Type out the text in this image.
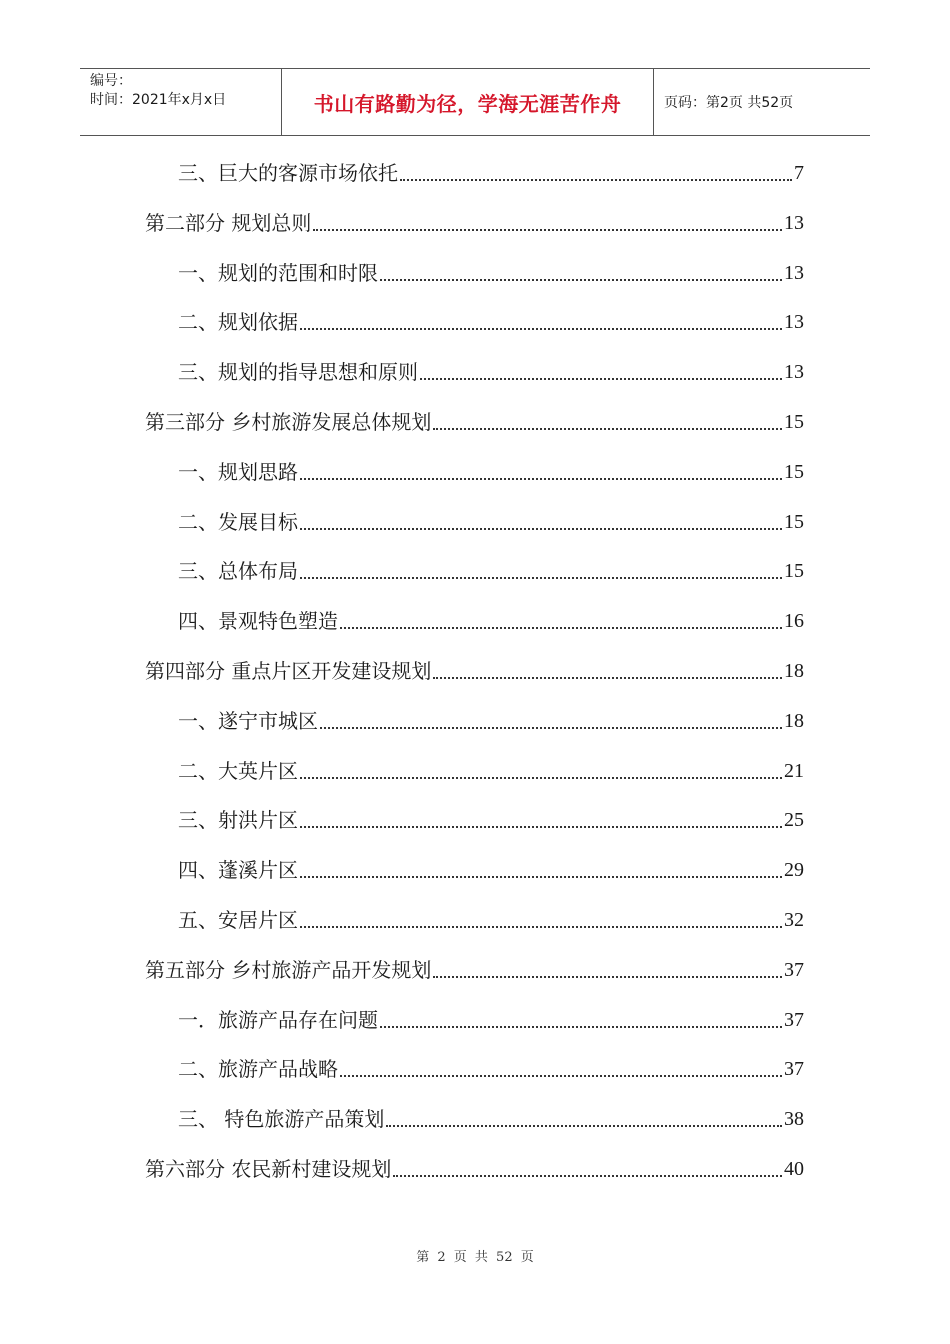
编号：
时间：2021年x月x日	书山有路勤为径，学海无涯苦作舟	页码：第2页 共52页
三、巨大的客源市场依托	7
第二部分 规划总则	13
一、规划的范围和时限	13
二、规划依据	13
三、规划的指导思想和原则	13
第三部分 乡村旅游发展总体规划	15
一、规划思路	15
二、发展目标	15
三、总体布局	15
四、景观特色塑造	16
第四部分 重点片区开发建设规划	18
一、遂宁市城区	18
二、大英片区	21
三、射洪片区	25
四、蓬溪片区	29
五、安居片区	32
第五部分 乡村旅游产品开发规划	37
一．旅游产品存在问题	37
二、旅游产品战略	37
三、 特色旅游产品策划	38
第六部分 农民新村建设规划	40
第 2 页 共 52 页
